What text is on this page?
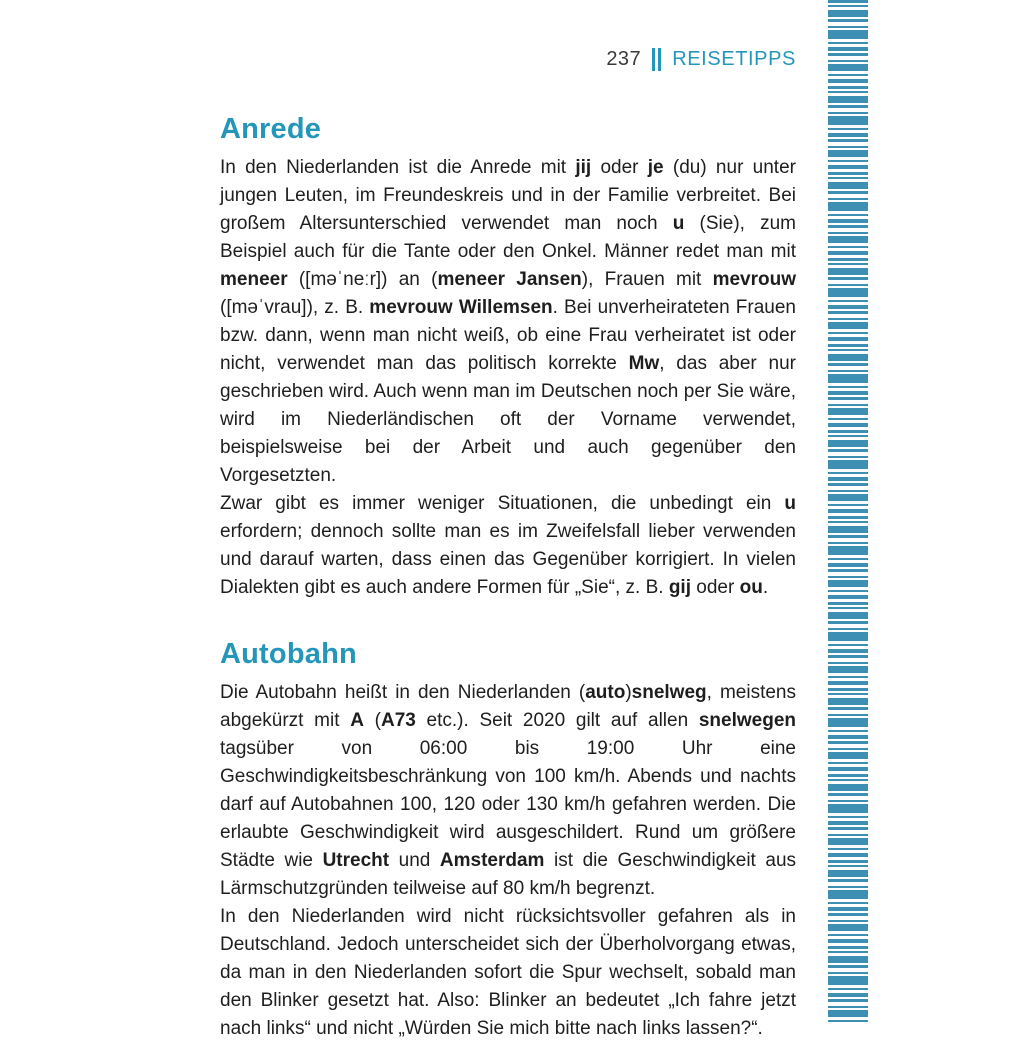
237 REISETIPPS
Anrede

In den Niederlanden ist die Anrede mit jij oder je (du) nur unter jungen Leuten, im Freundeskreis und in der Familie verbreitet. Bei großem Altersunterschied verwendet man noch u (Sie), zum Beispiel auch für die Tante oder den Onkel. Männer redet man mit meneer ([məˈneːr]) an (meneer Jansen), Frauen mit mevrouw ([məˈvrau]), z. B. mevrouw Willemsen. Bei unverheirateten Frauen bzw. dann, wenn man nicht weiß, ob eine Frau verheiratet ist oder nicht, verwendet man das politisch korrekte Mw, das aber nur geschrieben wird. Auch wenn man im Deutschen noch per Sie wäre, wird im Niederländischen oft der Vorname verwendet, beispielsweise bei der Arbeit und auch gegenüber den Vorgesetzten.

Zwar gibt es immer weniger Situationen, die unbedingt ein u erfordern; dennoch sollte man es im Zweifelsfall lieber verwenden und darauf warten, dass einen das Gegenüber korrigiert. In vielen Dialekten gibt es auch andere Formen für „Sie“, z. B. gij oder ou.

Autobahn

Die Autobahn heißt in den Niederlanden (auto)snelweg, meistens abgekürzt mit A (A73 etc.). Seit 2020 gilt auf allen snelwegen tagsüber von 06:00 bis 19:00 Uhr eine Geschwindigkeitsbeschränkung von 100 km/h. Abends und nachts darf auf Autobahnen 100, 120 oder 130 km/h gefahren werden. Die erlaubte Geschwindigkeit wird ausgeschildert. Rund um größere Städte wie Utrecht und Amsterdam ist die Geschwindigkeit aus Lärmschutzgründen teilweise auf 80 km/h begrenzt.

In den Niederlanden wird nicht rücksichtsvoller gefahren als in Deutschland. Jedoch unterscheidet sich der Überholvorgang etwas, da man in den Niederlanden sofort die Spur wechselt, sobald man den Blinker gesetzt hat. Also: Blinker an bedeutet „Ich fahre jetzt nach links“ und nicht „Würden Sie mich bitte nach links lassen?“.
